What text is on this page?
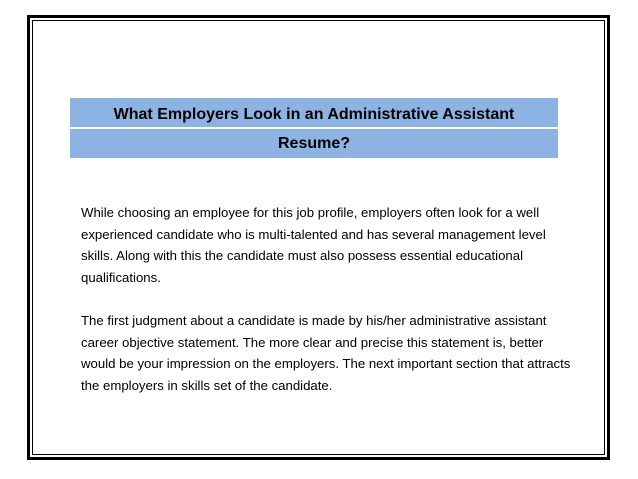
What Employers Look in an Administrative Assistant
Resume?

While choosing an employee for this job profile, employers often look for a well experienced candidate who is multi-talented and has several management level skills. Along with this the candidate must also possess essential educational qualifications.

The first judgment about a candidate is made by his/her administrative assistant career objective statement. The more clear and precise this statement is, better would be your impression on the employers. The next important section that attracts the employers in skills set of the candidate.
